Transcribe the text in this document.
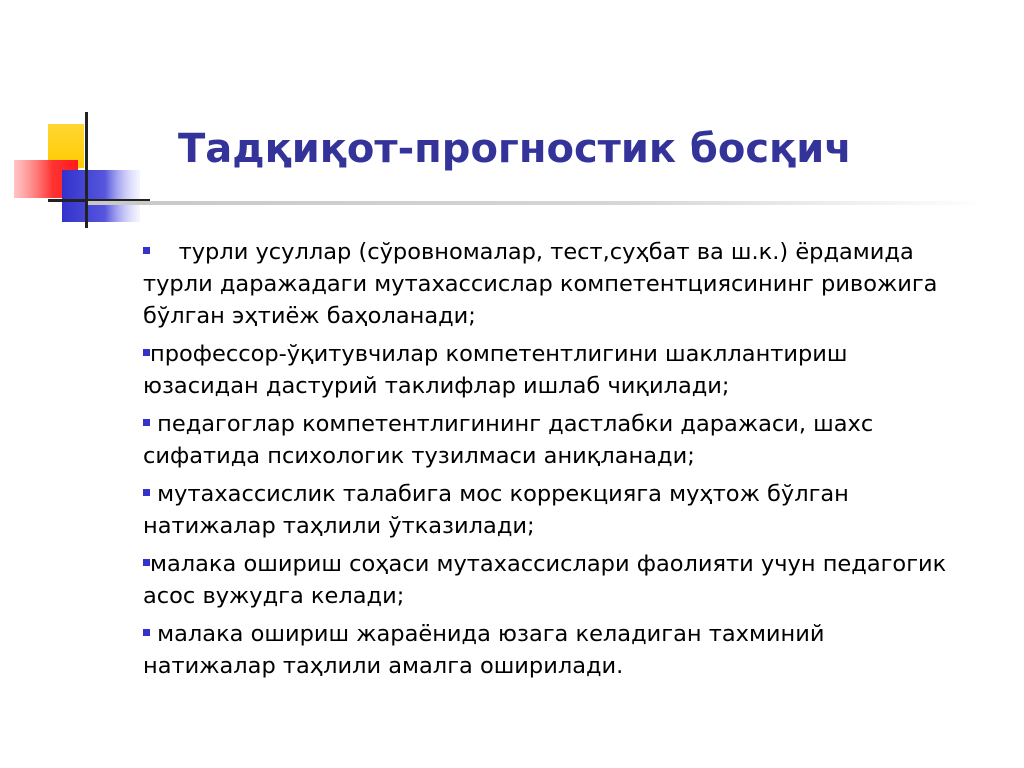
Тадқиқот-прогностик босқич
турли усуллар (сўровномалар, тест,суҳбат ва ш.к.) ёрдамида турли даражадаги мутахассислар компетентциясининг ривожига бўлган эҳтиёж баҳоланади;
профессор-ўқитувчилар компетентлигини шакллантириш юзасидан дастурий таклифлар ишлаб чиқилади;
педагоглар компетентлигининг дастлабки даражаси, шахс сифатида психологик тузилмаси аниқланади;
мутахассислик талабига мос коррекцияга муҳтож бўлган натижалар таҳлили ўтказилади;
малака ошириш соҳаси мутахассислари фаолияти учун педагогик асос вужудга келади;
малака ошириш жараёнида юзага келадиган тахминий натижалар таҳлили амалга оширилади.
